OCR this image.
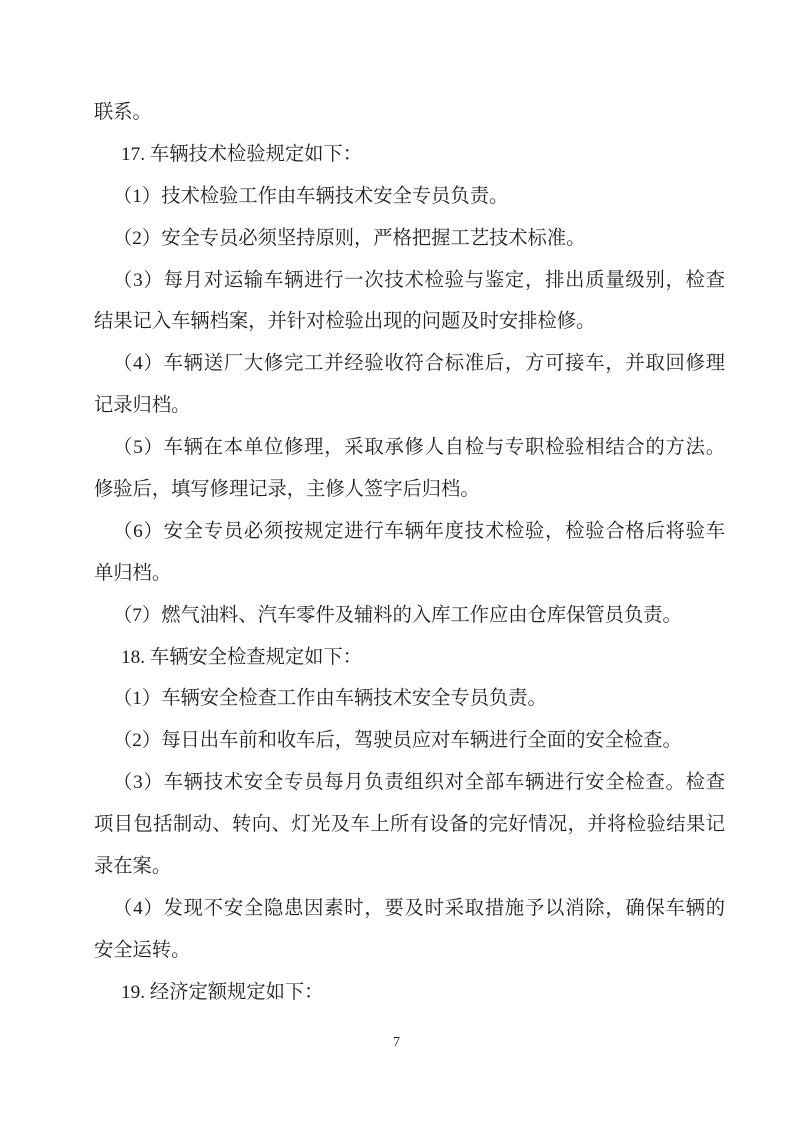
联系。

17. 车辆技术检验规定如下：

（1）技术检验工作由车辆技术安全专员负责。

（2）安全专员必须坚持原则，严格把握工艺技术标准。

（3）每月对运输车辆进行一次技术检验与鉴定，排出质量级别，检查

结果记入车辆档案，并针对检验出现的问题及时安排检修。

（4）车辆送厂大修完工并经验收符合标准后，方可接车，并取回修理

记录归档。

（5）车辆在本单位修理，采取承修人自检与专职检验相结合的方法。

修验后，填写修理记录，主修人签字后归档。

（6）安全专员必须按规定进行车辆年度技术检验，检验合格后将验车

单归档。

（7）燃气油料、汽车零件及辅料的入库工作应由仓库保管员负责。

18. 车辆安全检查规定如下：

（1）车辆安全检查工作由车辆技术安全专员负责。

（2）每日出车前和收车后，驾驶员应对车辆进行全面的安全检查。

（3）车辆技术安全专员每月负责组织对全部车辆进行安全检查。检查

项目包括制动、转向、灯光及车上所有设备的完好情况，并将检验结果记

录在案。

（4）发现不安全隐患因素时，要及时采取措施予以消除，确保车辆的

安全运转。

19. 经济定额规定如下：

7
